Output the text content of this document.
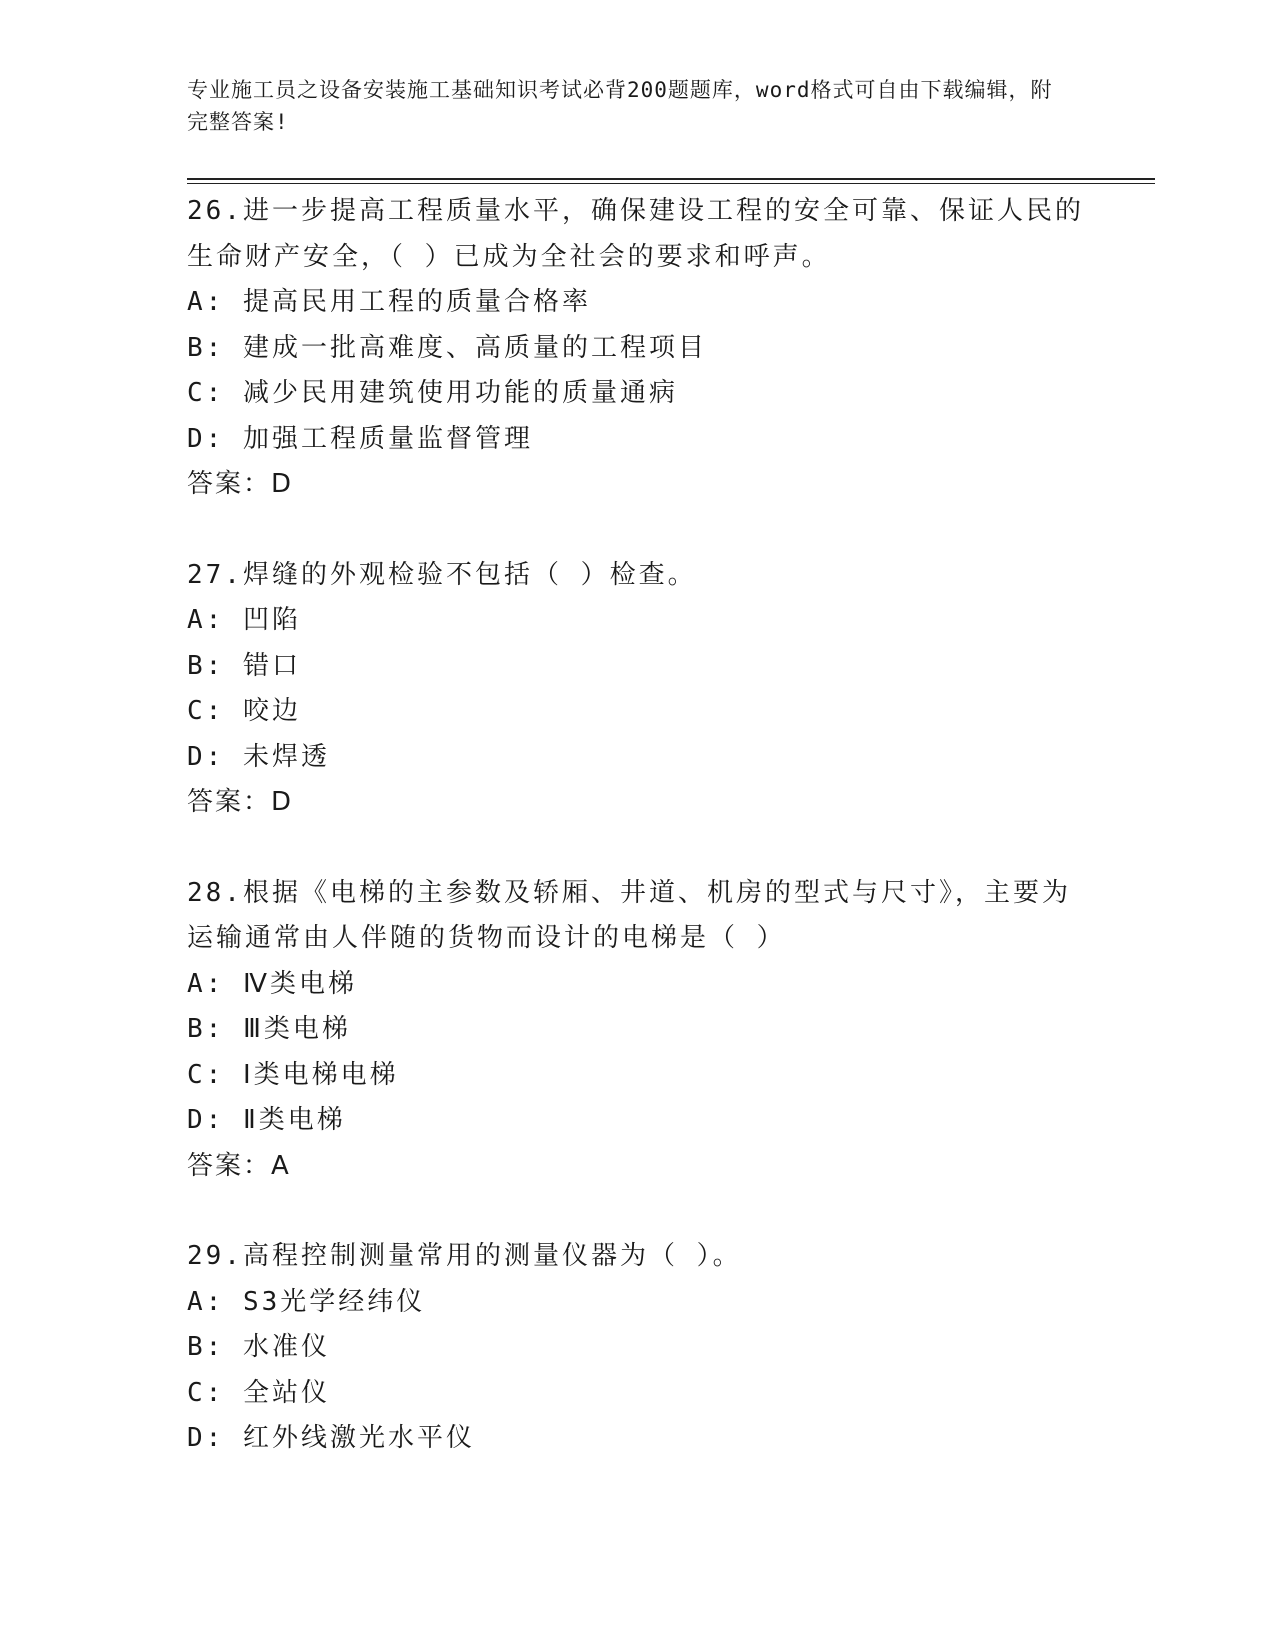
专业施工员之设备安装施工基础知识考试必背200题题库，word格式可自由下载编辑，附完整答案!
26.进一步提高工程质量水平，确保建设工程的安全可靠、保证人民的生命财产安全，（ ）已成为全社会的要求和呼声。
A: 提高民用工程的质量合格率
B: 建成一批高难度、高质量的工程项目
C: 减少民用建筑使用功能的质量通病
D: 加强工程质量监督管理
答案：D
27.焊缝的外观检验不包括（ ）检查。
A: 凹陷
B: 错口
C: 咬边
D: 未焊透
答案：D
28.根据《电梯的主参数及轿厢、井道、机房的型式与尺寸》，主要为运输通常由人伴随的货物而设计的电梯是（ ）
A: Ⅳ类电梯
B: Ⅲ类电梯
C: Ⅰ类电梯电梯
D: Ⅱ类电梯
答案：A
29.高程控制测量常用的测量仪器为（ ）。
A: S3光学经纬仪
B: 水准仪
C: 全站仪
D: 红外线激光水平仪
